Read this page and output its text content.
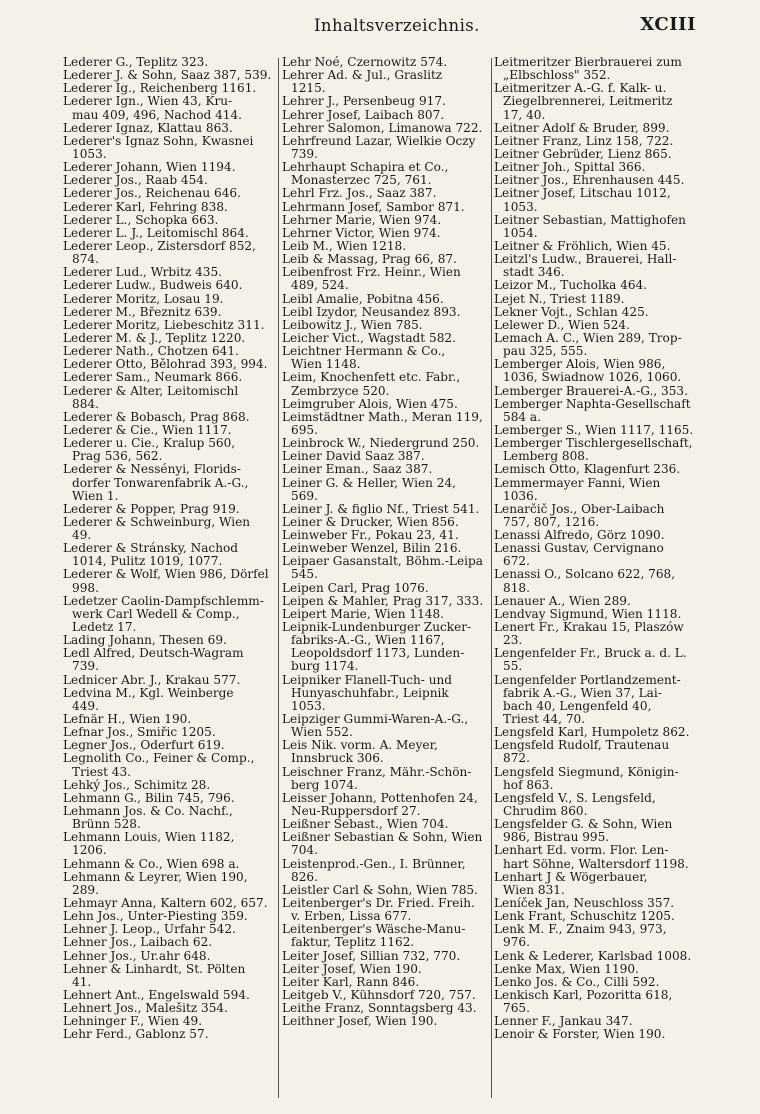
Inhaltsverzeichnis.	XCIII
Lederer G., Teplitz 323.
Lederer J. & Sohn, Saaz 387, 539.
Lederer Ig., Reichenberg 1161.
Lederer Ign., Wien 43, Kru-
mau 409, 496, Nachod 414.
Lederer Ignaz, Klattau 863.
Lederer's Ignaz Sohn, Kwasnei
1053.
Lederer Johann, Wien 1194.
Lederer Jos., Raab 454.
Lederer Jos., Reichenau 646.
Lederer Karl, Fehring 838.
Lederer L., Schopka 663.
Lederer L. J., Leitomischl 864.
Lederer Leop., Zistersdorf 852,
874.
Lederer Lud., Wrbitz 435.
Lederer Ludw., Budweis 640.
Lederer Moritz, Losau 19.
Lederer M., Březnitz 639.
Lederer Moritz, Liebeschitz 311.
Lederer M. & J., Teplitz 1220.
Lederer Nath., Chotzen 641.
Lederer Otto, Bělohrad 393, 994.
Lederer Sam., Neumark 866.
Lederer & Alter, Leitomischl
884.
Lederer & Bobasch, Prag 868.
Lederer & Cie., Wien 1117.
Lederer u. Cie., Kralup 560,
Prag 536, 562.
Lederer & Nessényi, Florids-
dorfer Tonwarenfabrik A.-G.,
Wien 1.
Lederer & Popper, Prag 919.
Lederer & Schweinburg, Wien
49.
Lederer & Stránsky, Nachod
1014, Pulitz 1019, 1077.
Lederer & Wolf, Wien 986, Dörfel
998.
Ledetzer Caolin-Dampfschlemm-
werk Carl Wedell & Comp.,
Ledetz 17.
Lading Johann, Thesen 69.
Ledl Alfred, Deutsch-Wagram
739.
Lednicer Abr. J., Krakau 577.
Ledvina M., Kgl. Weinberge
449.
Lefnär H., Wien 190.
Lefnar Jos., Smiřic 1205.
Legner Jos., Oderfurt 619.
Legnolith Co., Feiner & Comp.,
Triest 43.
Lehký Jos., Schimitz 28.
Lehmann G., Bilin 745, 796.
Lehmann Jos. & Co. Nachf.,
Brünn 528.
Lehmann Louis, Wien 1182,
1206.
Lehmann & Co., Wien 698 a.
Lehmann & Leyrer, Wien 190,
289.
Lehmayr Anna, Kaltern 602, 657.
Lehn Jos., Unter-Piesting 359.
Lehner J. Leop., Urfahr 542.
Lehner Jos., Laibach 62.
Lehner Jos., Ur.ahr 648.
Lehner & Linhardt, St. Pölten
41.
Lehnert Ant., Engelswald 594.
Lehnert Jos., Malešitz 354.
Lehninger F., Wien 49.
Lehr Ferd., Gablonz 57.
Lehr Noé, Czernowitz 574.
Lehrer Ad. & Jul., Graslitz
1215.
Lehrer J., Persenbeug 917.
Lehrer Josef, Laibach 807.
Lehrer Salomon, Limanowa 722.
Lehrfreund Lazar, Wielkie Oczy
739.
Lehrhaupt Schapira et Co.,
Monasterzec 725, 761.
Lehrl Frz. Jos., Saaz 387.
Lehrmann Josef, Sambor 871.
Lehrner Marie, Wien 974.
Lehrner Victor, Wien 974.
Leib M., Wien 1218.
Leib & Massag, Prag 66, 87.
Leibenfrost Frz. Heinr., Wien
489, 524.
Leibl Amalie, Pobitna 456.
Leibl Izydor, Neusandez 893.
Leibowitz J., Wien 785.
Leicher Vict., Wagstadt 582.
Leichtner Hermann & Co.,
Wien 1148.
Leim, Knochenfett etc. Fabr.,
Zembrzyce 520.
Leimgruber Alois, Wien 475.
Leimstädtner Math., Meran 119,
695.
Leinbrock W., Niedergrund 250.
Leiner David Saaz 387.
Leiner Eman., Saaz 387.
Leiner G. & Heller, Wien 24,
569.
Leiner J. & figlio Nf., Triest 541.
Leiner & Drucker, Wien 856.
Leinweber Fr., Pokau 23, 41.
Leinweber Wenzel, Bilin 216.
Leipaer Gasanstalt, Böhm.-Leipa
545.
Leipen Carl, Prag 1076.
Leipen & Mahler, Prag 317, 333.
Leipert Marie, Wien 1148.
Leipnik-Lundenburger Zucker-
fabriks-A.-G., Wien 1167,
Leopoldsdorf 1173, Lunden-
burg 1174.
Leipniker Flanell-Tuch- und
Hunyaschuhfabr., Leipnik
1053.
Leipziger Gummi-Waren-A.-G.,
Wien 552.
Leis Nik. vorm. A. Meyer,
Innsbruck 306.
Leischner Franz, Mähr.-Schön-
berg 1074.
Leisser Johann, Pottenhofen 24,
Neu-Ruppersdorf 27.
Leißner Sebast., Wien 704.
Leißner Sebastian & Sohn, Wien
704.
Leistenprod.-Gen., I. Brünner,
826.
Leistler Carl & Sohn, Wien 785.
Leitenberger's Dr. Fried. Freih.
v. Erben, Lissa 677.
Leitenberger's Wäsche-Manu-
faktur, Teplitz 1162.
Leiter Josef, Sillian 732, 770.
Leiter Josef, Wien 190.
Leiter Karl, Rann 846.
Leitgeb V., Kühnsdorf 720, 757.
Leithe Franz, Sonntagsberg 43.
Leithner Josef, Wien 190.
Leitmeritzer Bierbrauerei zum
„Elbschloss" 352.
Leitmeritzer A.-G. f. Kalk- u.
Ziegelbrennerei, Leitmeritz
17, 40.
Leitner Adolf & Bruder, 899.
Leitner Franz, Linz 158, 722.
Leitner Gebrüder, Lienz 865.
Leitner Joh., Spittal 366.
Leitner Jos., Ehrenhausen 445.
Leitner Josef, Litschau 1012,
1053.
Leitner Sebastian, Mattighofen
1054.
Leitner & Fröhlich, Wien 45.
Leitzl's Ludw., Brauerei, Hall-
stadt 346.
Leizor M., Tucholka 464.
Lejet N., Triest 1189.
Lekner Vojt., Schlan 425.
Lelewer D., Wien 524.
Lemach A. C., Wien 289, Trop-
pau 325, 555.
Lemberger Alois, Wien 986,
1036, Swiadnow 1026, 1060.
Lemberger Brauerei-A.-G., 353.
Lemberger Naphta-Gesellschaft
584 a.
Lemberger S., Wien 1117, 1165.
Lemberger Tischlergesellschaft,
Lemberg 808.
Lemisch Otto, Klagenfurt 236.
Lemmermayer Fanni, Wien
1036.
Lenarčič Jos., Ober-Laibach
757, 807, 1216.
Lenassi Alfredo, Görz 1090.
Lenassi Gustav, Cervignano
672.
Lenassi O., Solcano 622, 768,
818.
Lenauer A., Wien 289.
Lendvay Sigmund, Wien 1118.
Lenert Fr., Krakau 15, Plaszów
23.
Lengenfelder Fr., Bruck a. d. L.
55.
Lengenfelder Portlandzement-
fabrik A.-G., Wien 37, Lai-
bach 40, Lengenfeld 40,
Triest 44, 70.
Lengsfeld Karl, Humpoletz 862.
Lengsfeld Rudolf, Trautenau
872.
Lengsfeld Siegmund, Königin-
hof 863.
Lengsfeld V., S. Lengsfeld,
Chrudim 860.
Lengsfelder G. & Sohn, Wien
986, Bistrau 995.
Lenhart Ed. vorm. Flor. Len-
hart Söhne, Waltersdorf 1198.
Lenhart J & Wögerbauer,
Wien 831.
Leníček Jan, Neuschloss 357.
Lenk Frant, Schuschitz 1205.
Lenk M. F., Znaim 943, 973,
976.
Lenk & Lederer, Karlsbad 1008.
Lenke Max, Wien 1190.
Lenko Jos. & Co., Cilli 592.
Lenkisch Karl, Pozoritta 618,
765.
Lenner F., Jankau 347.
Lenoir & Forster, Wien 190.
